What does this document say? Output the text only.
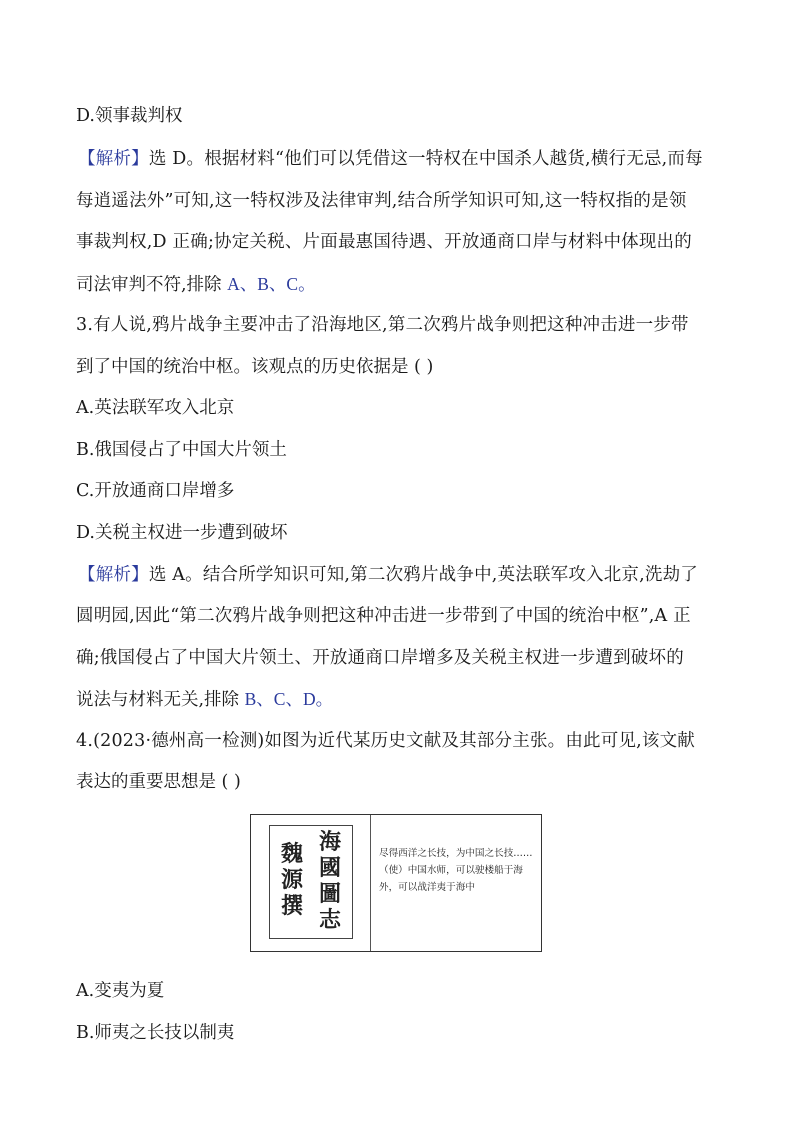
D.领事裁判权
【解析】选 D。根据材料“他们可以凭借这一特权在中国杀人越货,横行无忌,而每
每逍遥法外”可知,这一特权涉及法律审判,结合所学知识可知,这一特权指的是领
事裁判权,D 正确;协定关税、片面最惠国待遇、开放通商口岸与材料中体现出的
司法审判不符,排除 A、B、C。
3.有人说,鸦片战争主要冲击了沿海地区,第二次鸦片战争则把这种冲击进一步带
到了中国的统治中枢。该观点的历史依据是 ( )
A.英法联军攻入北京
B.俄国侵占了中国大片领土
C.开放通商口岸增多
D.关税主权进一步遭到破坏
【解析】选 A。结合所学知识可知,第二次鸦片战争中,英法联军攻入北京,洗劫了
圆明园,因此“第二次鸦片战争则把这种冲击进一步带到了中国的统治中枢”,A 正
确;俄国侵占了中国大片领土、开放通商口岸增多及关税主权进一步遭到破坏的
说法与材料无关,排除 B、C、D。
4.(2023·德州高一检测)如图为近代某历史文献及其部分主张。由此可见,该文献
表达的重要思想是 ( )
海
國
圖
志
魏
源
撰
尽得西洋之长技，为中国之长技……（使）中国水师，可以驶楼船于海外，可以战洋夷于海中
A.变夷为夏
B.师夷之长技以制夷
